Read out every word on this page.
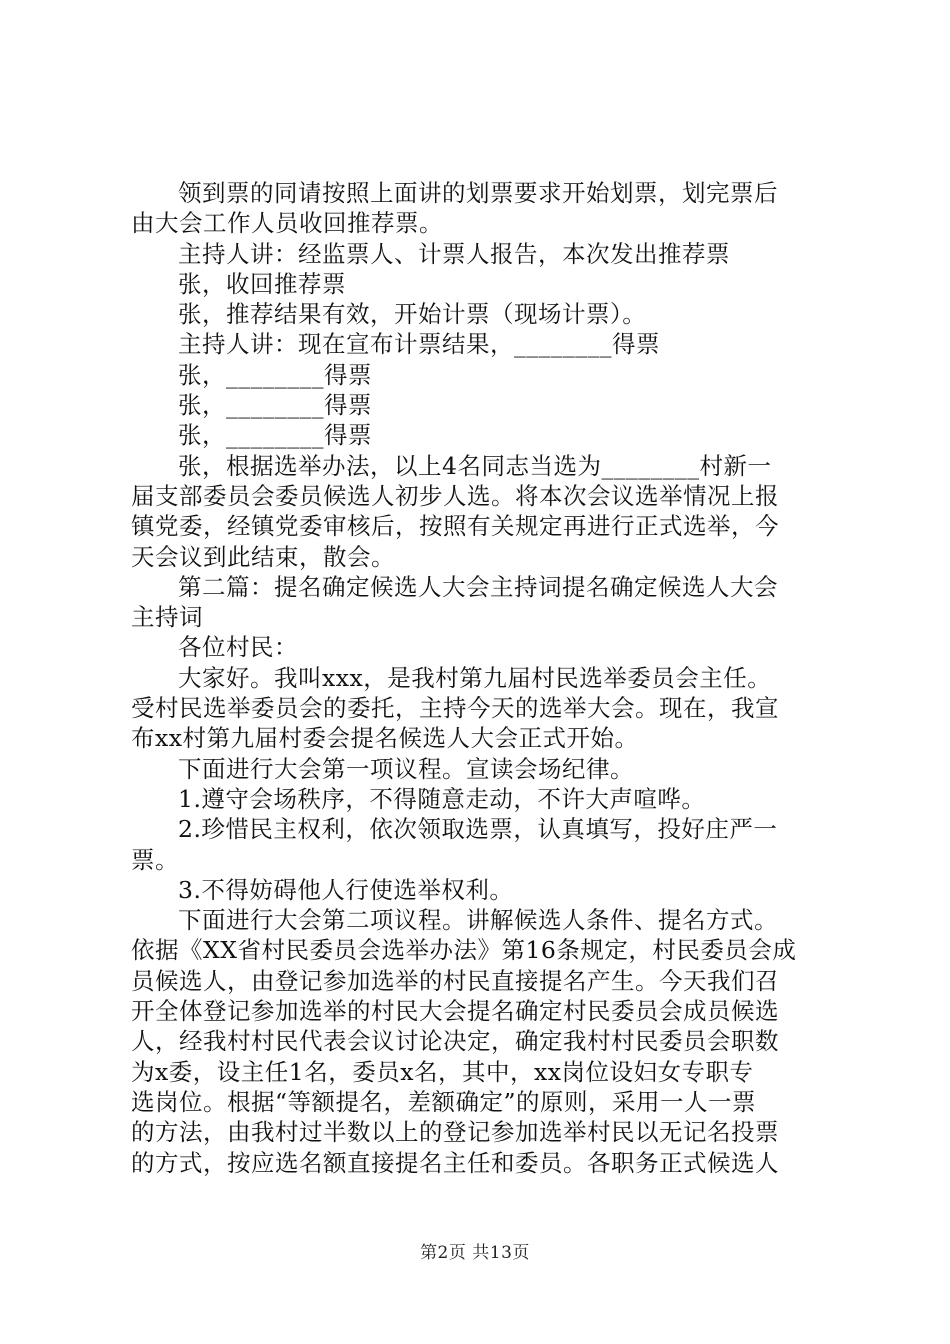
领到票的同请按照上面讲的划票要求开始划票，划完票后
由大会工作人员收回推荐票。
主持人讲：经监票人、计票人报告，本次发出推荐票
张，收回推荐票
张，推荐结果有效，开始计票（现场计票）。
主持人讲：现在宣布计票结果，________得票
张，________得票
张，________得票
张，________得票
张，根据选举办法，以上4名同志当选为________村新一
届支部委员会委员候选人初步人选。将本次会议选举情况上报
镇党委，经镇党委审核后，按照有关规定再进行正式选举，今
天会议到此结束，散会。
第二篇：提名确定候选人大会主持词提名确定候选人大会
主持词
各位村民：
大家好。我叫xxx，是我村第九届村民选举委员会主任。
受村民选举委员会的委托，主持今天的选举大会。现在，我宣
布xx村第九届村委会提名候选人大会正式开始。
下面进行大会第一项议程。宣读会场纪律。
1.遵守会场秩序，不得随意走动，不许大声喧哗。
2.珍惜民主权利，依次领取选票，认真填写，投好庄严一
票。
3.不得妨碍他人行使选举权利。
下面进行大会第二项议程。讲解候选人条件、提名方式。
依据《XX省村民委员会选举办法》第16条规定，村民委员会成
员候选人，由登记参加选举的村民直接提名产生。今天我们召
开全体登记参加选举的村民大会提名确定村民委员会成员候选
人，经我村村民代表会议讨论决定，确定我村村民委员会职数
为x委，设主任1名，委员x名，其中，xx岗位设妇女专职专
选岗位。根据“等额提名，差额确定”的原则，采用一人一票
的方法，由我村过半数以上的登记参加选举村民以无记名投票
的方式，按应选名额直接提名主任和委员。各职务正式候选人
第2页 共13页
